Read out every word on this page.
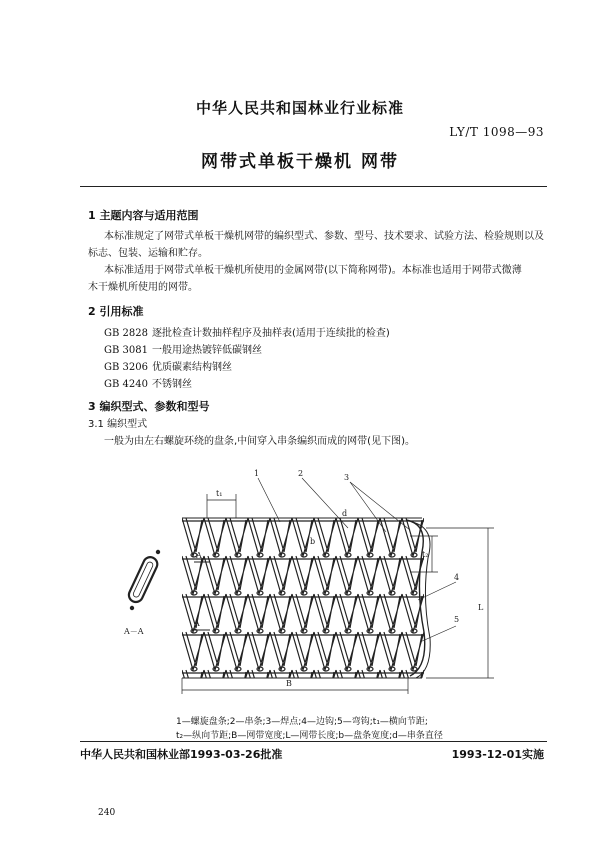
中华人民共和国林业行业标准
LY/T 1098—93
网带式单板干燥机 网带
1 主题内容与适用范围
本标准规定了网带式单板干燥机网带的编织型式、参数、型号、技术要求、试验方法、检验规则以及
标志、包装、运输和贮存。
本标准适用于网带式单板干燥机所使用的金属网带(以下简称网带)。本标准也适用于网带式微薄
木干燥机所使用的网带。
2 引用标准
GB 2828 逐批检查计数抽样程序及抽样表(适用于连续批的检查)
GB 3081 一般用途热镀锌低碳钢丝
GB 3206 优质碳素结构钢丝
GB 4240 不锈钢丝
3 编织型式、参数和型号
3.1 编织型式
一般为由左右螺旋环绕的盘条,中间穿入串条编织而成的网带(见下图)。
t₁
t₂
L
B
1	2	3
4
5
b
d
A
A
A－A
1—螺旋盘条;2—串条;3—焊点;4—边钩;5—弯钩;t₁—横向节距;
t₂—纵向节距;B—网带宽度;L—网带长度;b—盘条宽度;d—串条直径
中华人民共和国林业部1993-03-26批准	1993-12-01实施
240
